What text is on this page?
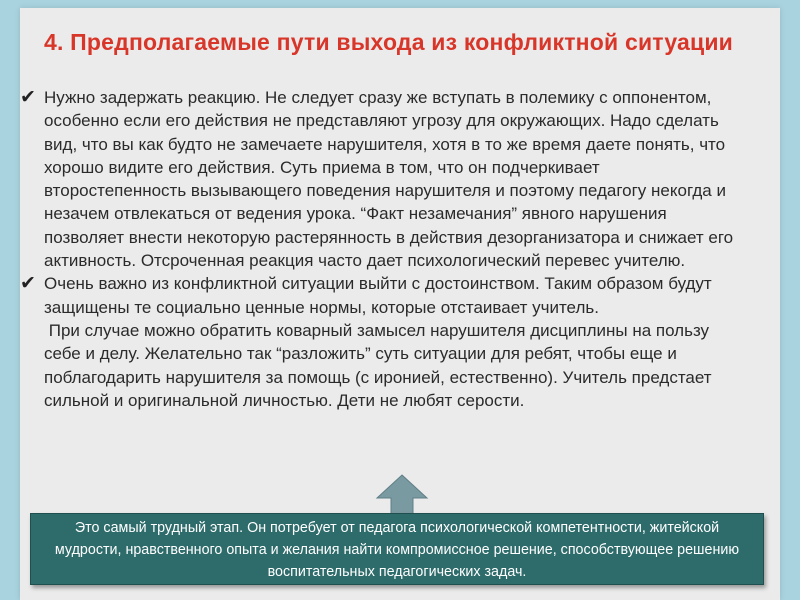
4. Предполагаемые пути выхода из конфликтной ситуации

✔ Нужно задержать реакцию. Не следует сразу же вступать в полемику с оппонентом, особенно если его действия не представляют угрозу для окружающих. Надо сделать вид, что вы как будто не замечаете нарушителя, хотя в то же время даете понять, что хорошо видите его действия. Суть приема в том, что он подчеркивает второстепенность вызывающего поведения нарушителя и поэтому педагогу некогда и незачем отвлекаться от ведения урока. “Факт незамечания” явного нарушения позволяет внести некоторую растерянность в действия дезорганизатора и снижает его активность. Отсроченная реакция часто дает психологический перевес учителю.

✔ Очень важно из конфликтной ситуации выйти с достоинством. Таким образом будут защищены те социально ценные нормы, которые отстаивает учитель.

При случае можно обратить коварный замысел нарушителя дисциплины на пользу себе и делу. Желательно так “разложить” суть ситуации для ребят, чтобы еще и поблагодарить нарушителя за помощь (с иронией, естественно). Учитель предстает сильной и оригинальной личностью. Дети не любят серости.

Это самый трудный этап. Он потребует от педагога психологической компетентности, житейской мудрости, нравственного опыта и желания найти компромиссное решение, способствующее решению воспитательных педагогических задач.
